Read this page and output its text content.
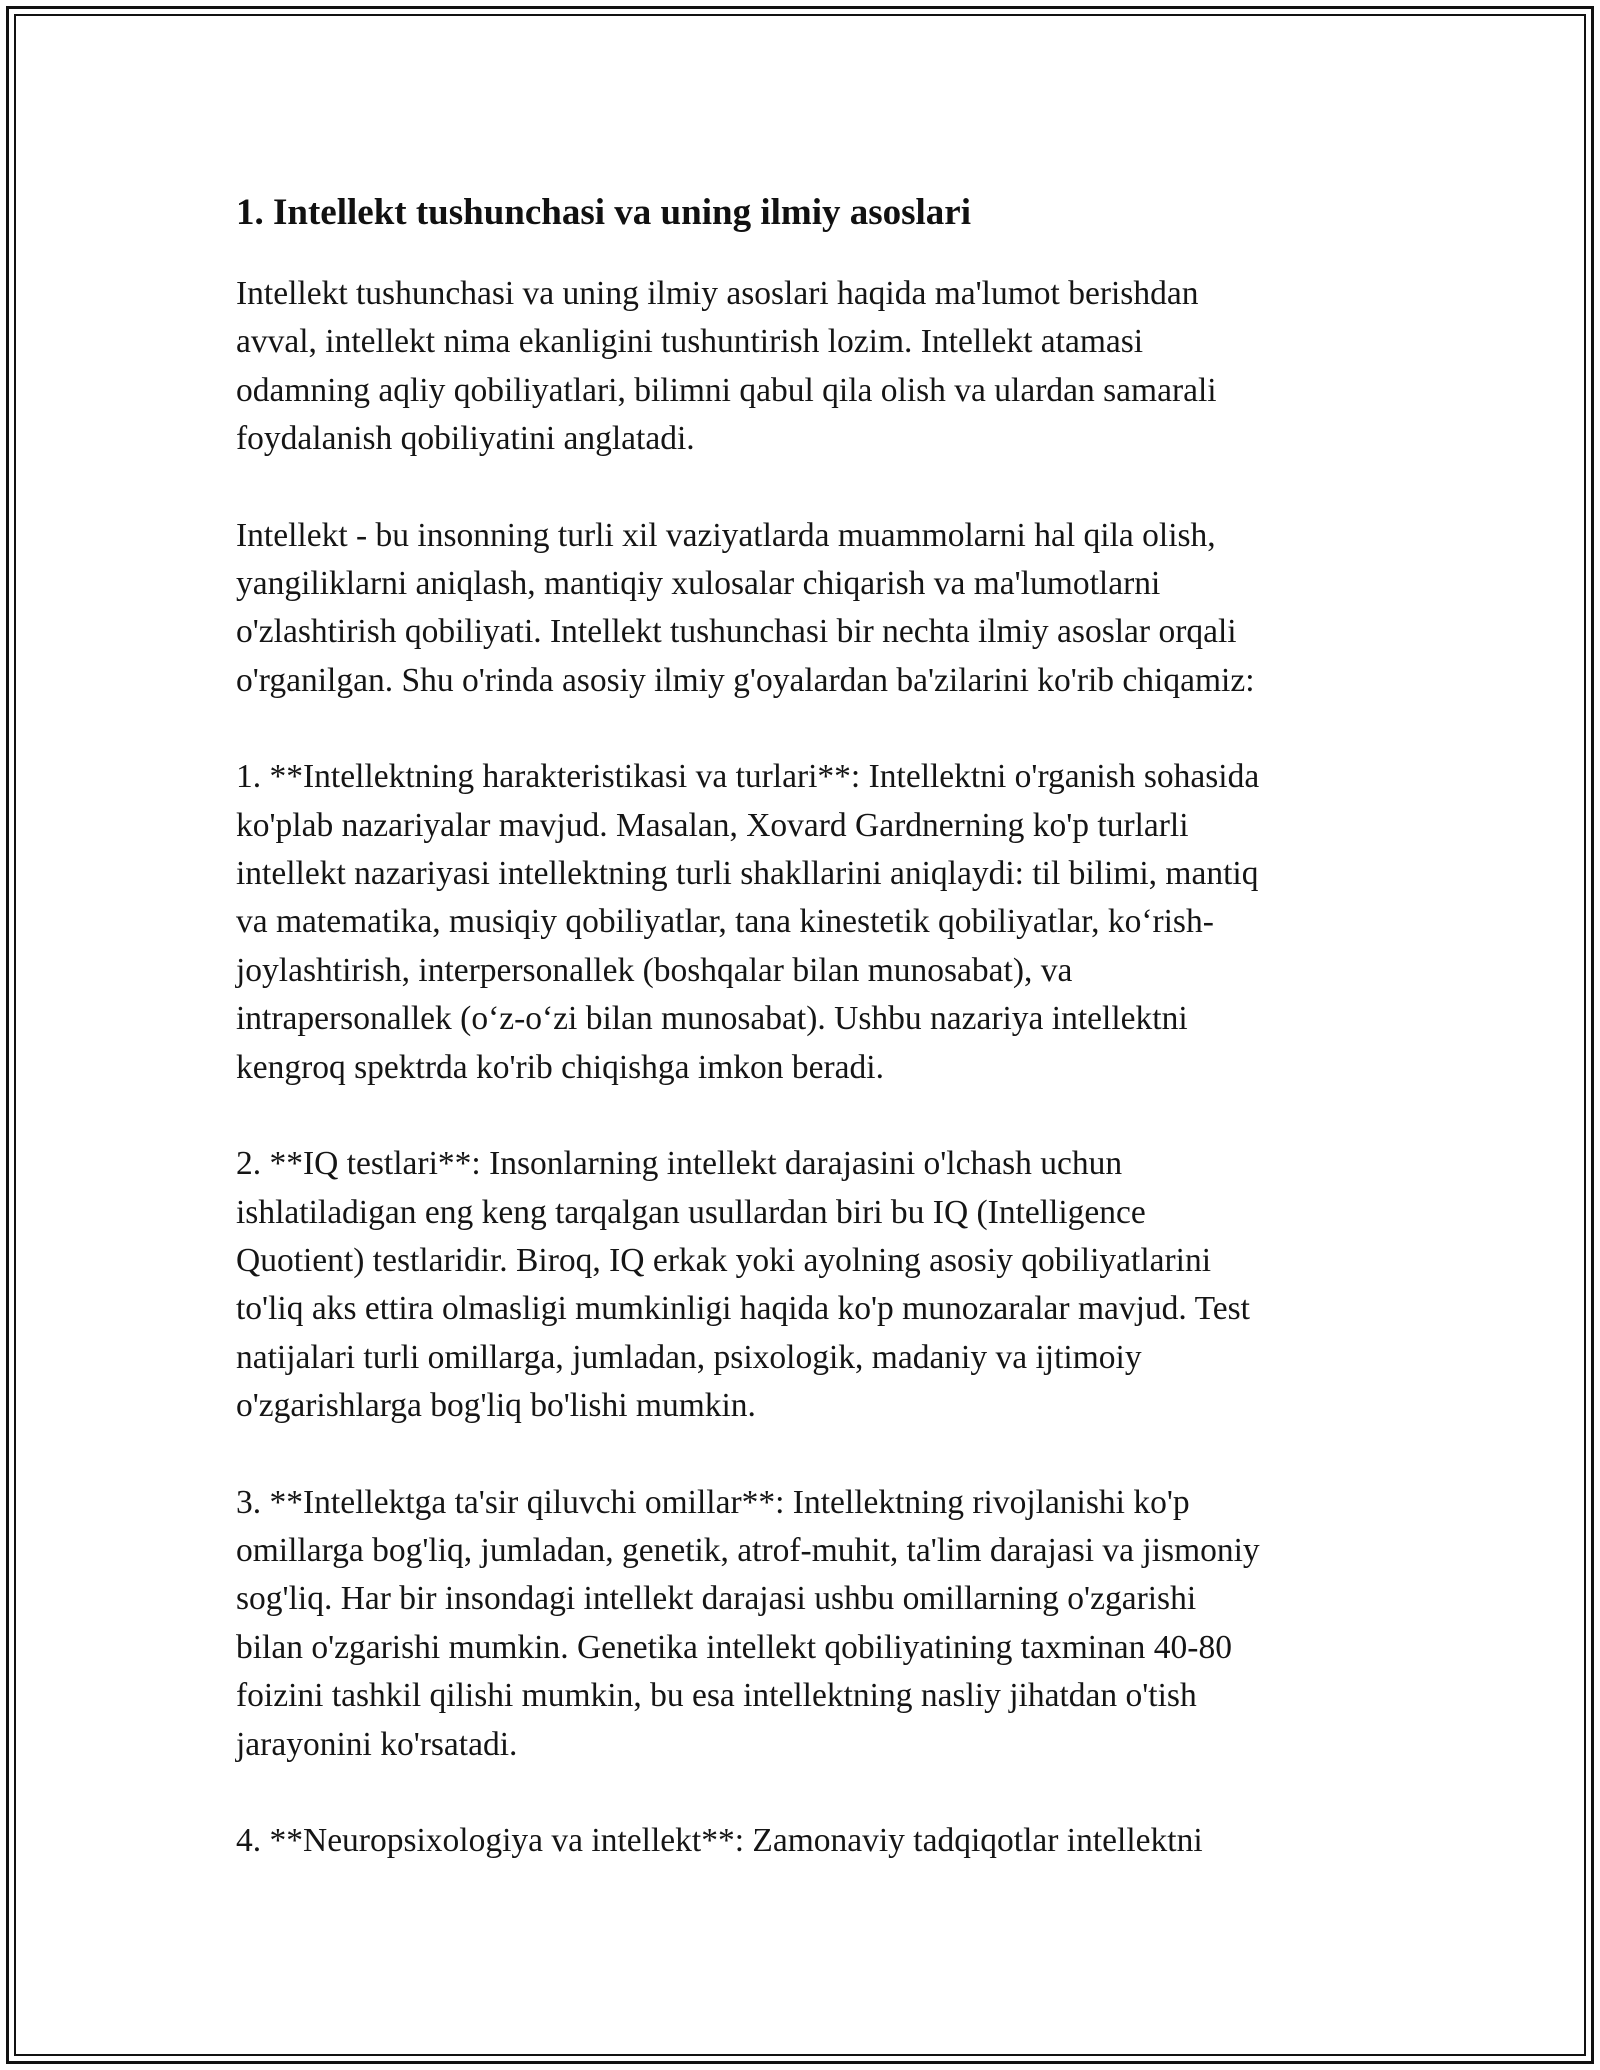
1. Intellekt tushunchasi va uning ilmiy asoslari

Intellekt tushunchasi va uning ilmiy asoslari haqida ma'lumot berishdan
avval, intellekt nima ekanligini tushuntirish lozim. Intellekt atamasi
odamning aqliy qobiliyatlari, bilimni qabul qila olish va ulardan samarali
foydalanish qobiliyatini anglatadi.

Intellekt - bu insonning turli xil vaziyatlarda muammolarni hal qila olish,
yangiliklarni aniqlash, mantiqiy xulosalar chiqarish va ma'lumotlarni
o'zlashtirish qobiliyati. Intellekt tushunchasi bir nechta ilmiy asoslar orqali
o'rganilgan. Shu o'rinda asosiy ilmiy g'oyalardan ba'zilarini ko'rib chiqamiz:

1. **Intellektning harakteristikasi va turlari**: Intellektni o'rganish sohasida
ko'plab nazariyalar mavjud. Masalan, Xovard Gardnerning ko'p turlarli
intellekt nazariyasi intellektning turli shakllarini aniqlaydi: til bilimi, mantiq
va matematika, musiqiy qobiliyatlar, tana kinestetik qobiliyatlar, ko‘rish-
joylashtirish, interpersonallek (boshqalar bilan munosabat), va
intrapersonallek (o‘z-o‘zi bilan munosabat). Ushbu nazariya intellektni
kengroq spektrda ko'rib chiqishga imkon beradi.

2. **IQ testlari**: Insonlarning intellekt darajasini o'lchash uchun
ishlatiladigan eng keng tarqalgan usullardan biri bu IQ (Intelligence
Quotient) testlaridir. Biroq, IQ erkak yoki ayolning asosiy qobiliyatlarini
to'liq aks ettira olmasligi mumkinligi haqida ko'p munozaralar mavjud. Test
natijalari turli omillarga, jumladan, psixologik, madaniy va ijtimoiy
o'zgarishlarga bog'liq bo'lishi mumkin.

3. **Intellektga ta'sir qiluvchi omillar**: Intellektning rivojlanishi ko'p
omillarga bog'liq, jumladan, genetik, atrof-muhit, ta'lim darajasi va jismoniy
sog'liq. Har bir insondagi intellekt darajasi ushbu omillarning o'zgarishi
bilan o'zgarishi mumkin. Genetika intellekt qobiliyatining taxminan 40-80
foizini tashkil qilishi mumkin, bu esa intellektning nasliy jihatdan o'tish
jarayonini ko'rsatadi.

4. **Neuropsixologiya va intellekt**: Zamonaviy tadqiqotlar intellektni
